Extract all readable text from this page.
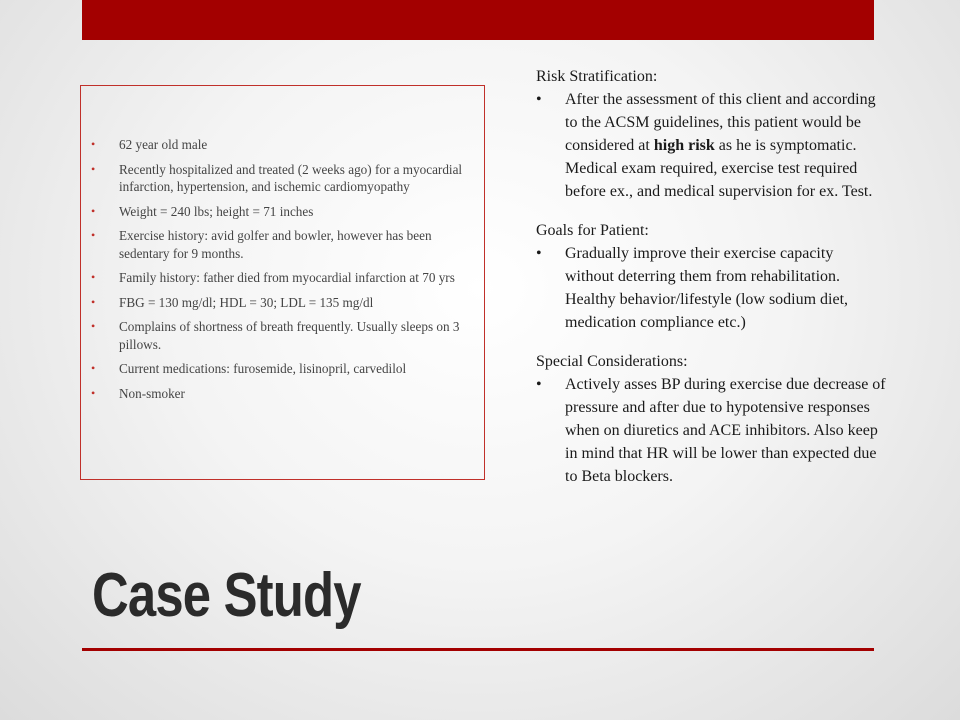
• 62 year old male
• Recently hospitalized and treated (2 weeks ago) for a myocardial infarction, hypertension, and ischemic cardiomyopathy
• Weight = 240 lbs; height = 71 inches
• Exercise history: avid golfer and bowler, however has been sedentary for 9 months.
• Family history: father died from myocardial infarction at 70 yrs
• FBG = 130 mg/dl; HDL = 30; LDL = 135 mg/dl
• Complains of shortness of breath frequently. Usually sleeps on 3 pillows.
• Current medications: furosemide, lisinopril, carvedilol
• Non-smoker
Risk Stratification:
• After the assessment of this client and according to the ACSM guidelines, this patient would be considered at high risk as he is symptomatic. Medical exam required, exercise test required before ex., and medical supervision for ex. Test.
Goals for Patient:
• Gradually improve their exercise capacity without deterring them from rehabilitation. Healthy behavior/lifestyle (low sodium diet, medication compliance etc.)
Special Considerations:
• Actively asses BP during exercise due decrease of pressure and after due to hypotensive responses when on diuretics and ACE inhibitors. Also keep in mind that HR will be lower than expected due to Beta blockers.
Case Study
